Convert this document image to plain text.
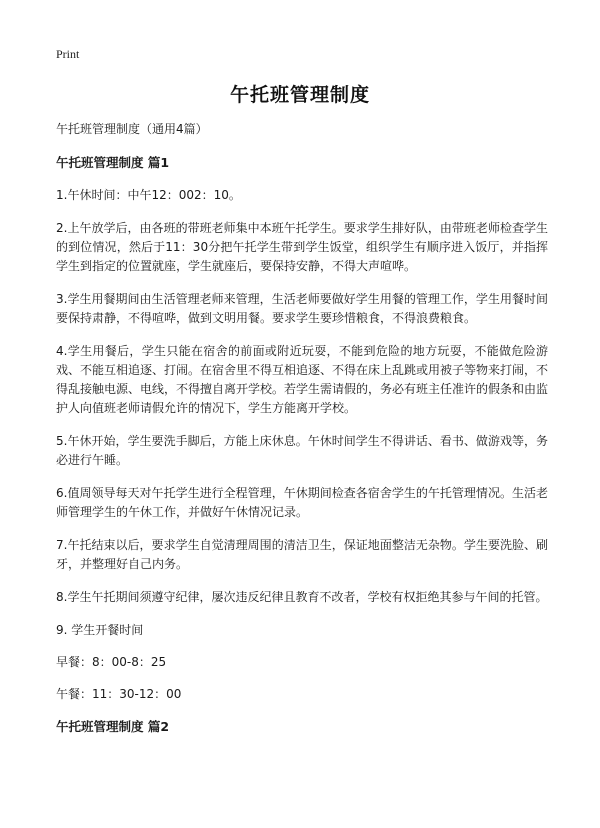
Print
午托班管理制度
午托班管理制度（通用4篇）
午托班管理制度 篇1
1.午休时间：中午12：002：10。
2.上午放学后，由各班的带班老师集中本班午托学生。要求学生排好队，由带班老师检查学生的到位情况，然后于11：30分把午托学生带到学生饭堂，组织学生有顺序进入饭厅，并指挥学生到指定的位置就座，学生就座后，要保持安静，不得大声喧哗。
3.学生用餐期间由生活管理老师来管理，生活老师要做好学生用餐的管理工作，学生用餐时间要保持肃静，不得喧哗，做到文明用餐。要求学生要珍惜粮食，不得浪费粮食。
4.学生用餐后，学生只能在宿舍的前面或附近玩耍，不能到危险的地方玩耍，不能做危险游戏、不能互相追逐、打闹。在宿舍里不得互相追逐、不得在床上乱跳或用被子等物来打闹，不得乱接触电源、电线，不得擅自离开学校。若学生需请假的，务必有班主任准许的假条和由监护人向值班老师请假允许的情况下，学生方能离开学校。
5.午休开始，学生要洗手脚后，方能上床休息。午休时间学生不得讲话、看书、做游戏等，务必进行午睡。
6.值周领导每天对午托学生进行全程管理，午休期间检查各宿舍学生的午托管理情况。生活老师管理学生的午休工作，并做好午休情况记录。
7.午托结束以后，要求学生自觉清理周围的清洁卫生，保证地面整洁无杂物。学生要洗脸、刷牙，并整理好自己内务。
8.学生午托期间须遵守纪律，屡次违反纪律且教育不改者，学校有权拒绝其参与午间的托管。
9. 学生开餐时间
早餐：8：00-8：25
午餐：11：30-12：00
午托班管理制度 篇2
